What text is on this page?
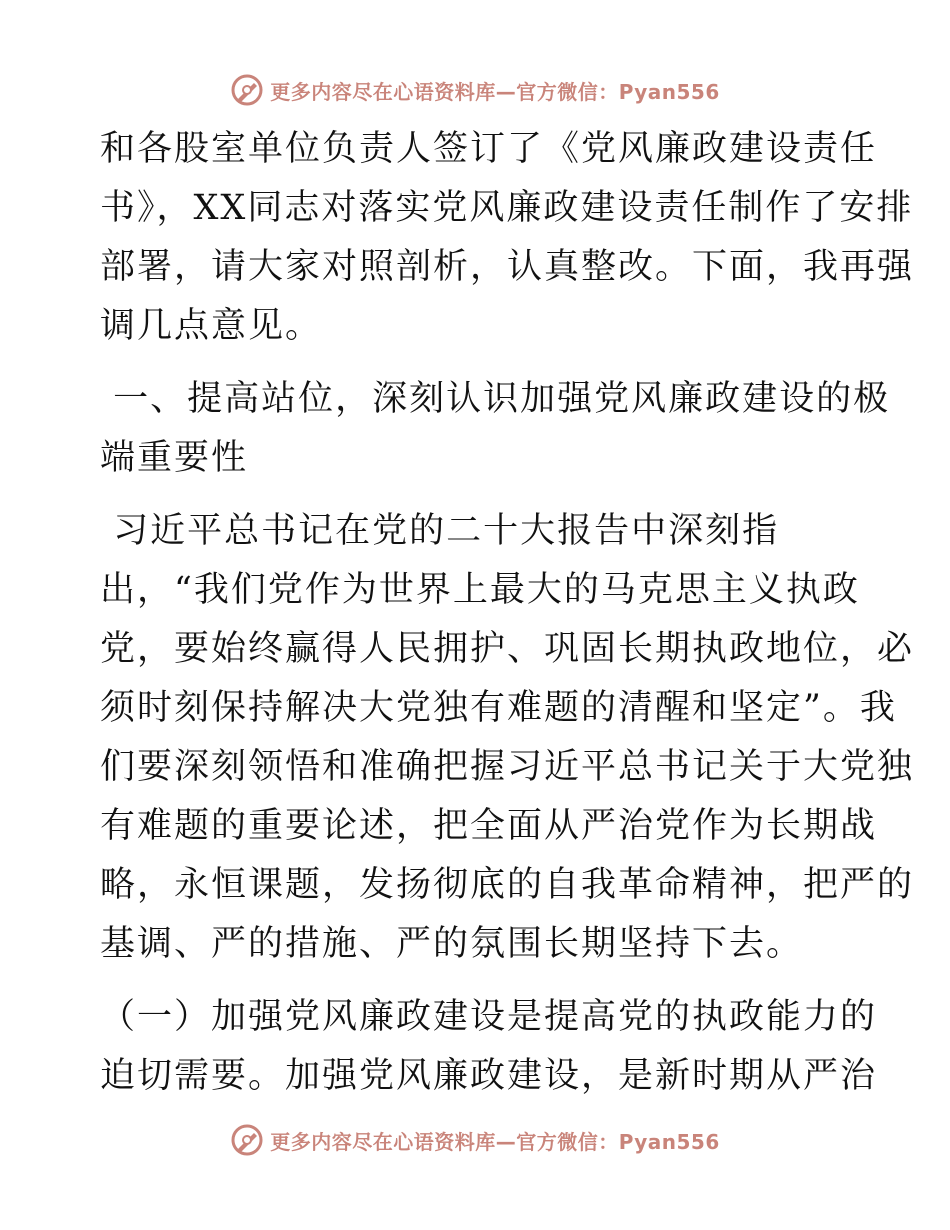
更多内容尽在心语资料库—官方微信：Pyan556
和各股室单位负责人签订了《党风廉政建设责任
书》，XX同志对落实党风廉政建设责任制作了安排
部署，请大家对照剖析，认真整改。下面，我再强
调几点意见。
一、提高站位，深刻认识加强党风廉政建设的极
端重要性
习近平总书记在党的二十大报告中深刻指
出，“我们党作为世界上最大的马克思主义执政
党，要始终赢得人民拥护、巩固长期执政地位，必
须时刻保持解决大党独有难题的清醒和坚定”。我
们要深刻领悟和准确把握习近平总书记关于大党独
有难题的重要论述，把全面从严治党作为长期战
略，永恒课题，发扬彻底的自我革命精神，把严的
基调、严的措施、严的氛围长期坚持下去。
（一）加强党风廉政建设是提高党的执政能力的
迫切需要。加强党风廉政建设，是新时期从严治
更多内容尽在心语资料库—官方微信：Pyan556
